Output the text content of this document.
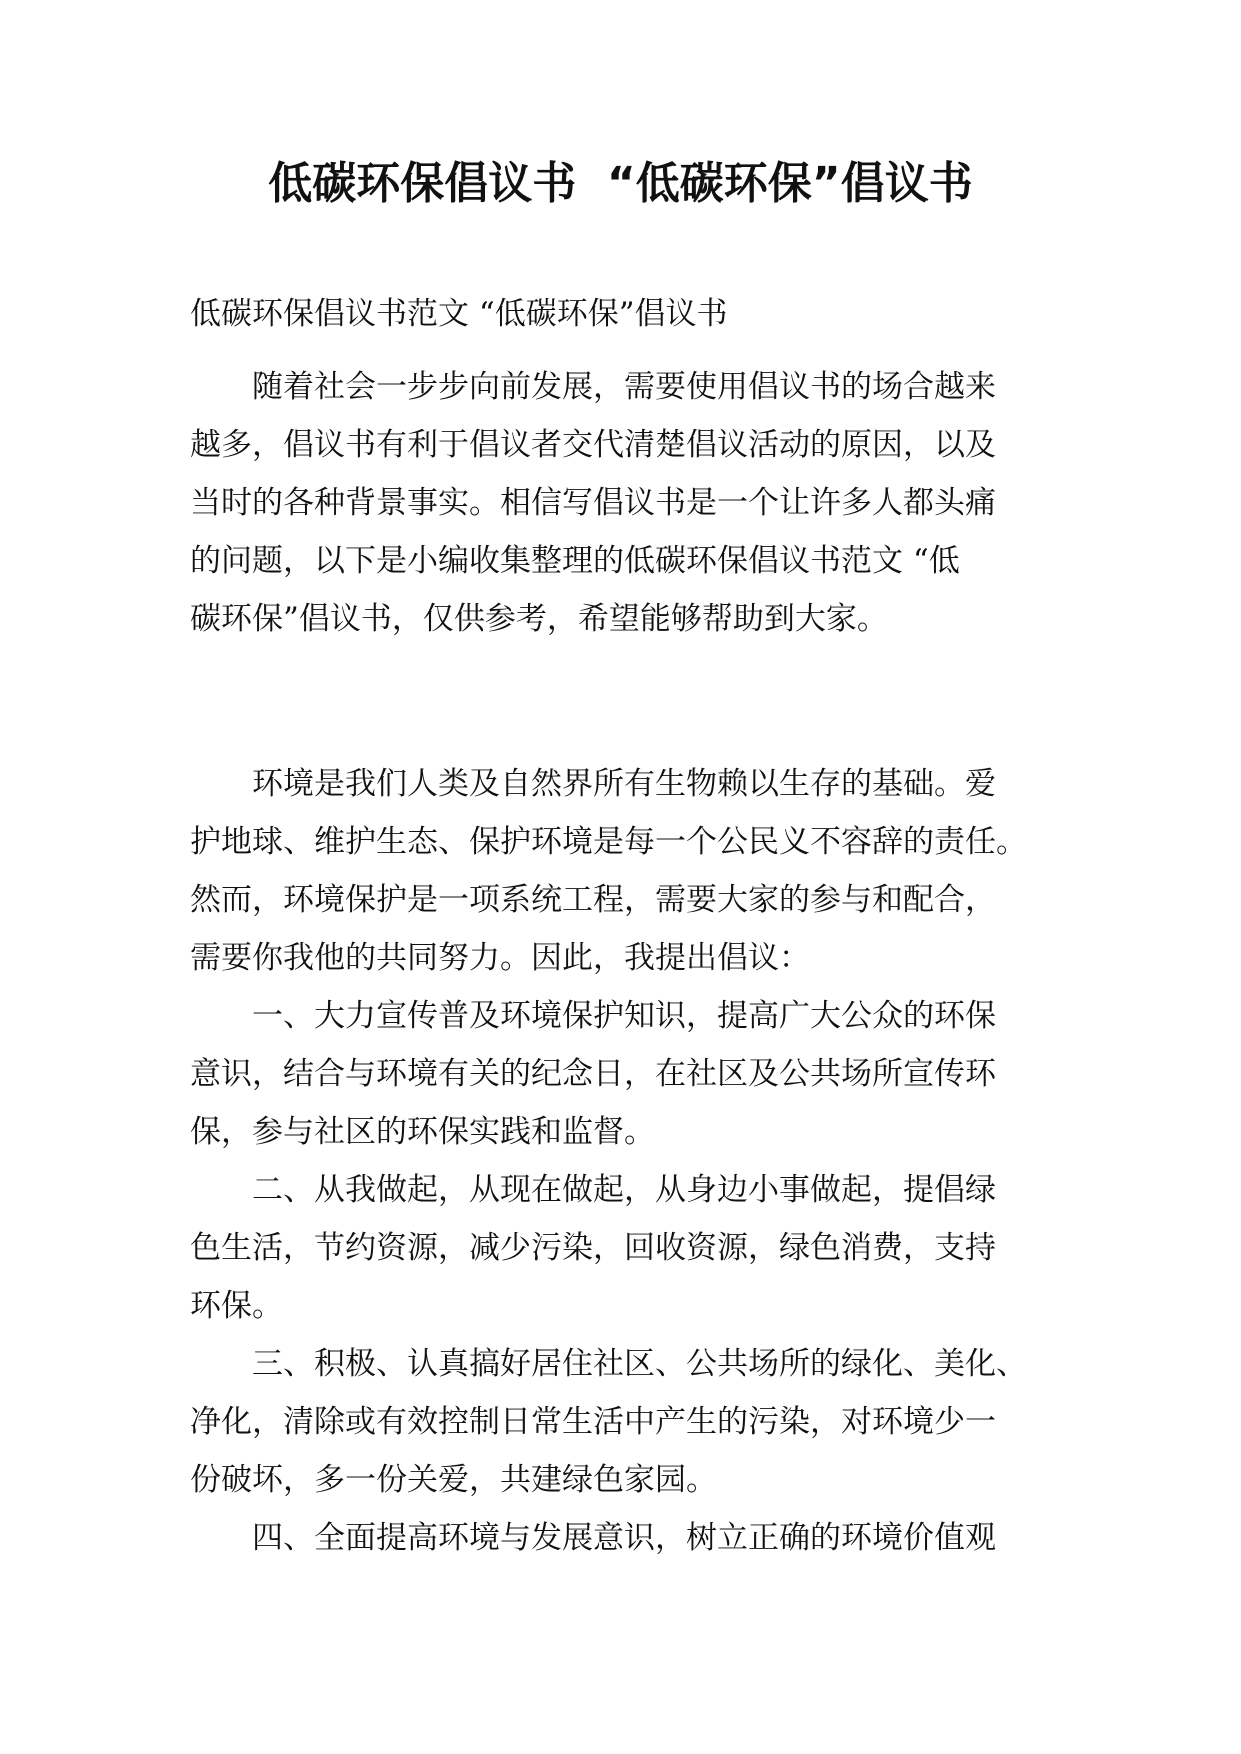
低碳环保倡议书  “低碳环保”倡议书

低碳环保倡议书范文 “低碳环保”倡议书

　　随着社会一步步向前发展，需要使用倡议书的场合越来
越多，倡议书有利于倡议者交代清楚倡议活动的原因，以及
当时的各种背景事实。相信写倡议书是一个让许多人都头痛
的问题，以下是小编收集整理的低碳环保倡议书范文 “低
碳环保”倡议书，仅供参考，希望能够帮助到大家。
　　环境是我们人类及自然界所有生物赖以生存的基础。爱
护地球、维护生态、保护环境是每一个公民义不容辞的责任。
然而，环境保护是一项系统工程，需要大家的参与和配合，
需要你我他的共同努力。因此，我提出倡议：
　　一、大力宣传普及环境保护知识，提高广大公众的环保
意识，结合与环境有关的纪念日，在社区及公共场所宣传环
保，参与社区的环保实践和监督。
　　二、从我做起，从现在做起，从身边小事做起，提倡绿
色生活，节约资源，减少污染，回收资源，绿色消费，支持
环保。
　　三、积极、认真搞好居住社区、公共场所的绿化、美化、
净化，清除或有效控制日常生活中产生的污染，对环境少一
份破坏，多一份关爱，共建绿色家园。
　　四、全面提高环境与发展意识，树立正确的环境价值观
